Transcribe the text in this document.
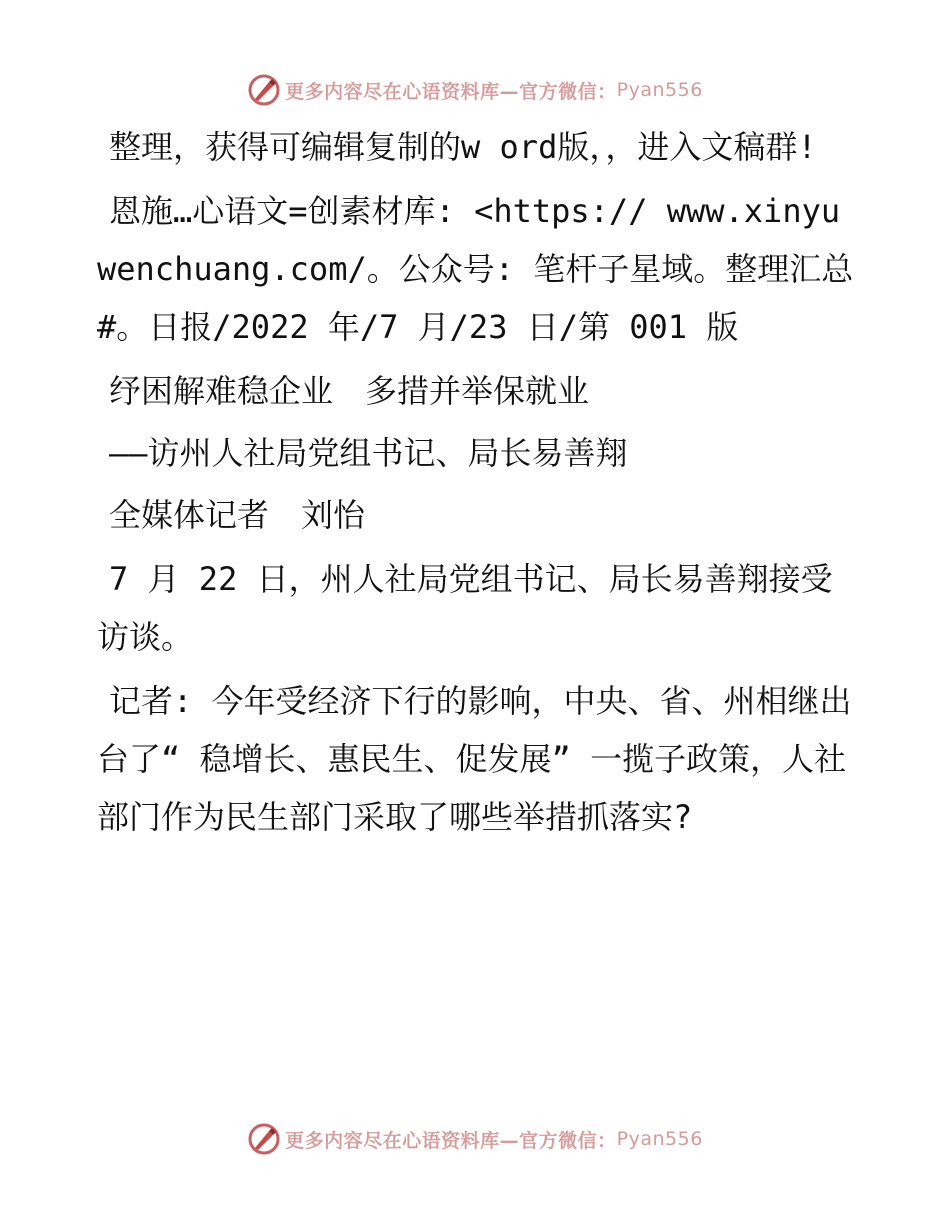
更多内容尽在心语资料库—官方微信： Pyan556

整理，获得可编辑复制的w ord版，，进入文稿群!

恩施…心语文=创素材库: <https:// www.xinyuwenchuang.com/。公众号: 笔杆子星域。整理汇总#。日报/2022 年/7 月/23 日/第 001 版

纾困解难稳企业　多措并举保就业

——访州人社局党组书记、局长易善翔

全媒体记者　刘怡

7 月 22 日，州人社局党组书记、局长易善翔接受访谈。

记者: 今年受经济下行的影响，中央、省、州相继出台了“ 稳增长、惠民生、促发展” 一揽子政策，人社部门作为民生部门采取了哪些举措抓落实?

更多内容尽在心语资料库—官方微信： Pyan556
